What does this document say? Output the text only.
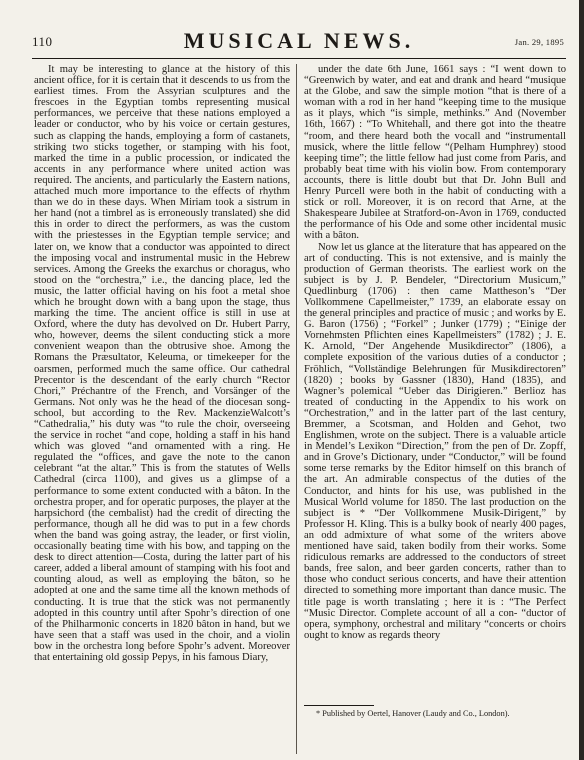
110	MUSICAL NEWS.	Jan. 29, 1895

It may be interesting to glance at the history of this ancient office, for it is certain that it descends to us from the earliest times. From the Assyrian sculptures and the frescoes in the Egyptian tombs representing musical performances, we perceive that these nations employed a leader or conductor, who by his voice or certain gestures, such as clapping the hands, employing a form of castanets, striking two sticks together, or stamping with his foot, marked the time in a public procession, or indicated the accents in any performance where united action was required. The ancients, and particularly the Eastern nations, attached much more importance to the effects of rhythm than we do in these days. When Miriam took a sistrum in her hand (not a timbrel as is erroneously translated) she did this in order to direct the performers, as was the custom with the priestesses in the Egyptian temple service; and later on, we know that a conductor was appointed to direct the imposing vocal and instrumental music in the Hebrew services. Among the Greeks the exarchus or choragus, who stood on the “orchestra,” i.e., the dancing place, led the music, the latter official having on his foot a metal shoe which he brought down with a bang upon the stage, thus marking the time. The ancient office is still in use at Oxford, where the duty has devolved on Dr. Hubert Parry, who, however, deems the silent conducting stick a more convenient weapon than the obtrusive shoe. Among the Romans the Præsultator, Keleuma, or timekeeper for the oarsmen, performed much the same office. Our cathedral Precentor is the descendant of the early church “Rector Chori,” Préchantre of the French, and Vorsänger of the Germans. Not only was he the head of the diocesan song-school, but according to the Rev. MackenzieWalcott’s “Cathedralia,” his duty was “to rule the choir, overseeing the service in rochet “and cope, holding a staff in his hand which was gloved “and ornamented with a ring. He regulated the “offices, and gave the note to the canon celebrant “at the altar.” This is from the statutes of Wells Cathedral (circa 1100), and gives us a glimpse of a performance to some extent conducted with a bâton. In the orchestra proper, and for operatic purposes, the player at the harpsichord (the cembalist) had the credit of directing the performance, though all he did was to put in a few chords when the band was going astray, the leader, or first violin, occasionally beating time with his bow, and tapping on the desk to direct attention—Costa, during the latter part of his career, added a liberal amount of stamping with his foot and counting aloud, as well as employing the bâton, so he adopted at one and the same time all the known methods of conducting. It is true that the stick was not permanently adopted in this country until after Spohr’s direction of one of the Philharmonic concerts in 1820 bâton in hand, but we have seen that a staff was used in the choir, and a violin bow in the orchestra long before Spohr’s advent. Moreover that entertaining old gossip Pepys, in his famous Diary,

under the date 6th June, 1661 says : “I went down to “Greenwich by water, and eat and drank and heard “musique at the Globe, and saw the simple motion “that is there of a woman with a rod in her hand “keeping time to the musique as it plays, which “is simple, methinks.” And (November 16th, 1667) : “To Whitehall, and there got into the theatre “room, and there heard both the vocall and “instrumentall musick, where the little fellow “(Pelham Humphrey) stood keeping time”; the little fellow had just come from Paris, and probably beat time with his violin bow. From contemporary accounts, there is little doubt but that Dr. John Bull and Henry Purcell were both in the habit of conducting with a stick or roll. Moreover, it is on record that Arne, at the Shakespeare Jubilee at Stratford-on-Avon in 1769, conducted the performance of his Ode and some other incidental music with a bâton.

Now let us glance at the literature that has appeared on the art of conducting. This is not extensive, and is mainly the production of German theorists. The earliest work on the subject is by J. P. Bendeler, “Directorium Musicum,” Quedlinburg (1706) : then came Mattheson’s “Der Vollkommene Capellmeister,” 1739, an elaborate essay on the general principles and practice of music ; and works by E. G. Baron (1756) ; “Forkel” ; Junker (1779) ; “Einige der Vornehmsten Pflichten eines Kapellmeisters” (1782) ; J. E. K. Arnold, “Der Angehende Musikdirector” (1806), a complete exposition of the various duties of a conductor ; Fröhlich, “Vollständige Belehrungen für Musikdirectoren” (1820) ; books by Gassner (1830), Hand (1835), and Wagner’s polemical “Ueber das Dirigieren.” Berlioz has treated of conducting in the Appendix to his work on “Orchestration,” and in the latter part of the last century, Bremmer, a Scotsman, and Holden and Gehot, two Englishmen, wrote on the subject. There is a valuable article in Mendel’s Lexikon “Direction,” from the pen of Dr. Zopff, and in Grove’s Dictionary, under “Conductor,” will be found some terse remarks by the Editor himself on this branch of the art. An admirable conspectus of the duties of the Conductor, and hints for his use, was published in the Musical World volume for 1850. The last production on the subject is * “Der Vollkommene Musik-Dirigent,” by Professor H. Kling. This is a bulky book of nearly 400 pages, an odd admixture of what some of the writers above mentioned have said, taken bodily from their works. Some ridiculous remarks are addressed to the conductors of street bands, free salon, and beer garden concerts, rather than to those who conduct serious concerts, and have their attention directed to something more important than dance music. The title page is worth translating ; here it is : “The Perfect “Music Director. Complete account of all a con- “ductor of opera, symphony, orchestral and military “concerts or choirs ought to know as regards theory

* Published by Oertel, Hanover (Laudy and Co., London).
